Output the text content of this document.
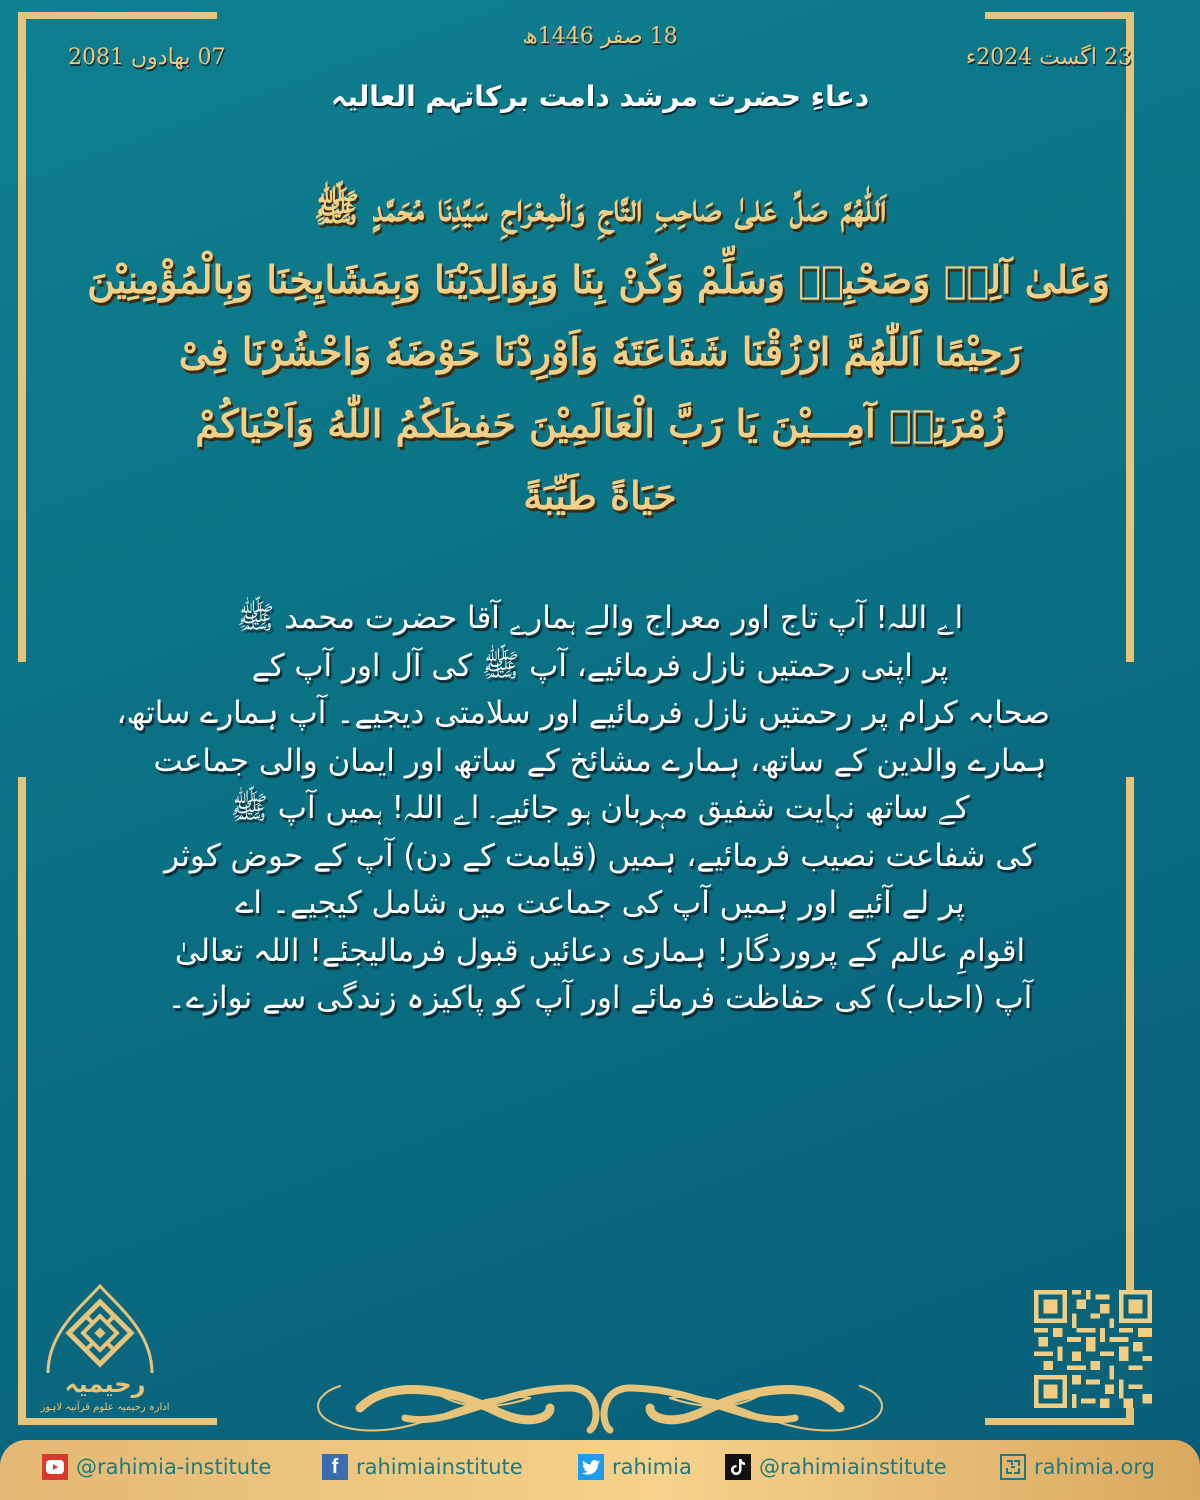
07 بھادوں 2081
18 صفر 1446ھ
23 اگست 2024ء
دعاءِ حضرت مرشد دامت برکاتہم العالیہ
اَللّٰهُمَّ صَلِّ عَلیٰ صَاحِبِ التَّاجِ وَالْمِعْرَاجِ سَیِّدِنَا مُحَمَّدٍ ﷺ
وَعَلیٰ آلِهٖ وَصَحْبِهٖ وَسَلِّمْ وَكُنْ بِنَا وَبِوَالِدَیْنَا وَبِمَشَایِخِنَا وَبِالْمُؤْمِنِیْنَ
رَحِیْمًا اَللّٰهُمَّ ارْزُقْنَا شَفَاعَتَهٗ وَاَوْرِدْنَا حَوْضَهٗ وَاحْشُرْنَا فِیْ
زُمْرَتِهٖ آمِـــیْنَ یَا رَبَّ الْعَالَمِیْنَ حَفِظَكُمُ اللّٰهُ وَاَحْیَاكُمْ
حَیَاةً طَیِّبَةً
اے اللہ! آپ تاج اور معراج والے ہمارے آقا حضرت محمد ﷺ
پر اپنی رحمتیں نازل فرمائیے، آپ ﷺ کی آل اور آپ کے
صحابہ کرام پر رحمتیں نازل فرمائیے اور سلامتی دیجیے۔ آپ ہمارے ساتھ،
ہمارے والدین کے ساتھ، ہمارے مشائخ کے ساتھ اور ایمان والی جماعت
کے ساتھ نہایت شفیق مہربان ہو جائیے۔ اے اللہ! ہمیں آپ ﷺ
کی شفاعت نصیب فرمائیے، ہمیں (قیامت کے دن) آپ کے حوض کوثر
پر لے آئیے اور ہمیں آپ کی جماعت میں شامل کیجیے۔ اے
اقوامِ عالم کے پروردگار! ہماری دعائیں قبول فرمالیجئے! اللہ تعالیٰ
آپ (احباب) کی حفاظت فرمائے اور آپ کو پاکیزہ زندگی سے نوازے۔
رحیمیہ
ادارہ رحیمیہ علوم قرآنیہ لاہور
@rahimia-institute	f rahimiainstitute	rahimia	@rahimiainstitute	rahimia.org
